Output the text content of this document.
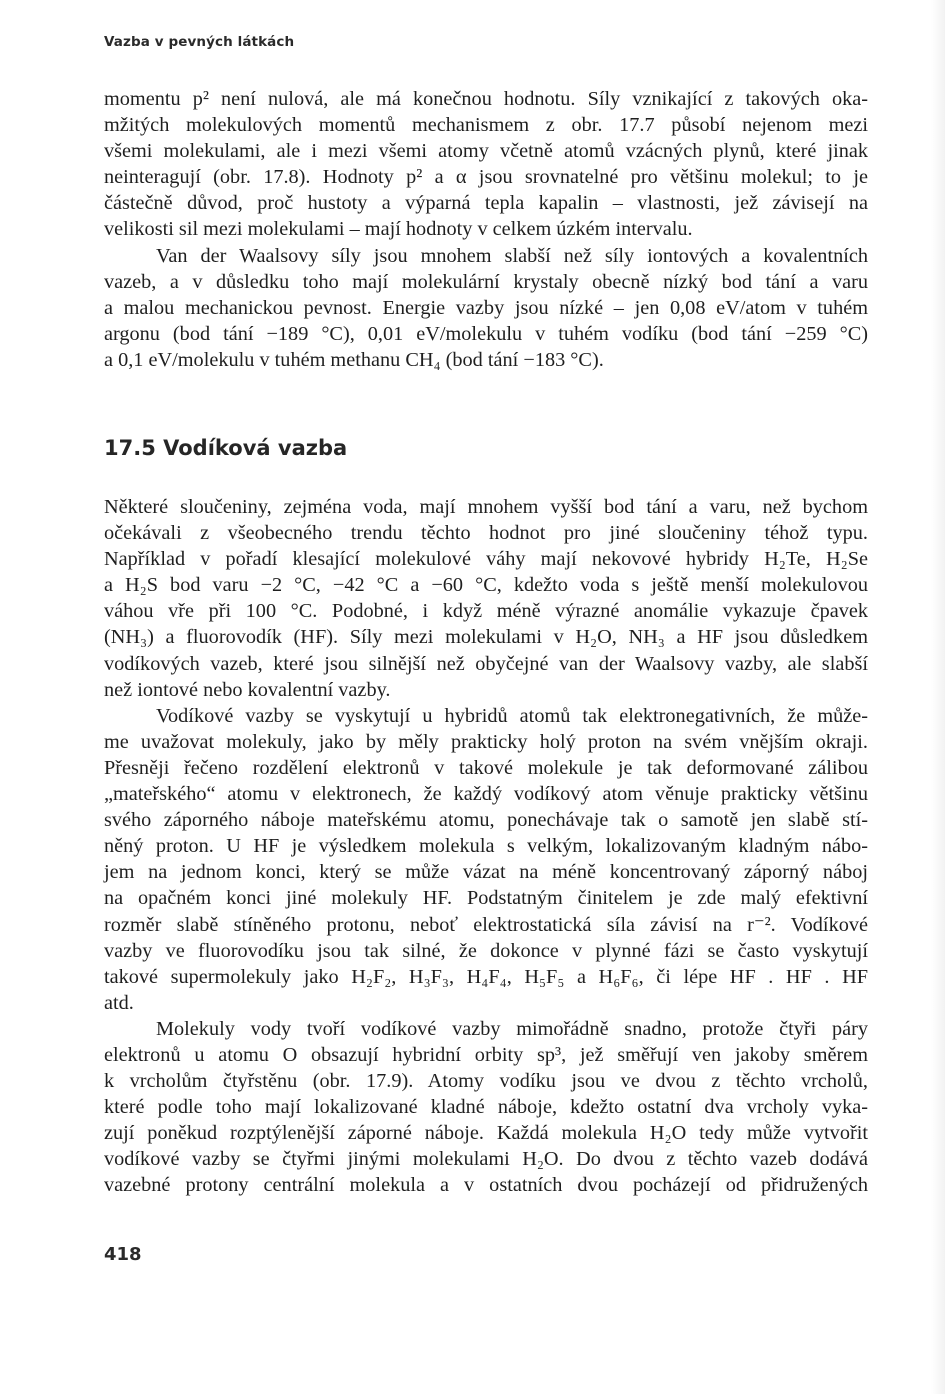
Vazba v pevných látkách
momentu p² není nulová, ale má konečnou hodnotu. Síly vznikající z takových oka-
mžitých molekulových momentů mechanismem z obr. 17.7 působí nejenom mezi
všemi molekulami, ale i mezi všemi atomy včetně atomů vzácných plynů, které jinak
neinteragují (obr. 17.8). Hodnoty p² a α jsou srovnatelné pro většinu molekul; to je
částečně důvod, proč hustoty a výparná tepla kapalin – vlastnosti, jež závisejí na
velikosti sil mezi molekulami – mají hodnoty v celkem úzkém intervalu.
Van der Waalsovy síly jsou mnohem slabší než síly iontových a kovalentních
vazeb, a v důsledku toho mají molekulární krystaly obecně nízký bod tání a varu
a malou mechanickou pevnost. Energie vazby jsou nízké – jen 0,08 eV/atom v tuhém
argonu (bod tání −189 °C), 0,01 eV/molekulu v tuhém vodíku (bod tání −259 °C)
a 0,1 eV/molekulu v tuhém methanu CH₄ (bod tání −183 °C).
17.5 Vodíková vazba
Některé sloučeniny, zejména voda, mají mnohem vyšší bod tání a varu, než bychom
očekávali z všeobecného trendu těchto hodnot pro jiné sloučeniny téhož typu.
Například v pořadí klesající molekulové váhy mají nekovové hybridy H₂Te, H₂Se
a H₂S bod varu −2 °C, −42 °C a −60 °C, kdežto voda s ještě menší molekulovou
váhou vře při 100 °C. Podobné, i když méně výrazné anomálie vykazuje čpavek
(NH₃) a fluorovodík (HF). Síly mezi molekulami v H₂O, NH₃ a HF jsou důsledkem
vodíkových vazeb, které jsou silnější než obyčejné van der Waalsovy vazby, ale slabší
než iontové nebo kovalentní vazby.
Vodíkové vazby se vyskytují u hybridů atomů tak elektronegativních, že může-
me uvažovat molekuly, jako by měly prakticky holý proton na svém vnějším okraji.
Přesněji řečeno rozdělení elektronů v takové molekule je tak deformované zálibou
„mateřského“ atomu v elektronech, že každý vodíkový atom věnuje prakticky většinu
svého záporného náboje mateřskému atomu, ponechávaje tak o samotě jen slabě stí-
něný proton. U HF je výsledkem molekula s velkým, lokalizovaným kladným nábo-
jem na jednom konci, který se může vázat na méně koncentrovaný záporný náboj
na opačném konci jiné molekuly HF. Podstatným činitelem je zde malý efektivní
rozměr slabě stíněného protonu, neboť elektrostatická síla závisí na r⁻². Vodíkové
vazby ve fluorovodíku jsou tak silné, že dokonce v plynné fázi se často vyskytují
takové supermolekuly jako H₂F₂, H₃F₃, H₄F₄, H₅F₅ a H₆F₆, či lépe HF . HF . HF
atd.
Molekuly vody tvoří vodíkové vazby mimořádně snadno, protože čtyři páry
elektronů u atomu O obsazují hybridní orbity sp³, jež směřují ven jakoby směrem
k vrcholům čtyřstěnu (obr. 17.9). Atomy vodíku jsou ve dvou z těchto vrcholů,
které podle toho mají lokalizované kladné náboje, kdežto ostatní dva vrcholy vyka-
zují poněkud rozptýlenější záporné náboje. Každá molekula H₂O tedy může vytvořit
vodíkové vazby se čtyřmi jinými molekulami H₂O. Do dvou z těchto vazeb dodává
vazebné protony centrální molekula a v ostatních dvou pocházejí od přidružených
418
